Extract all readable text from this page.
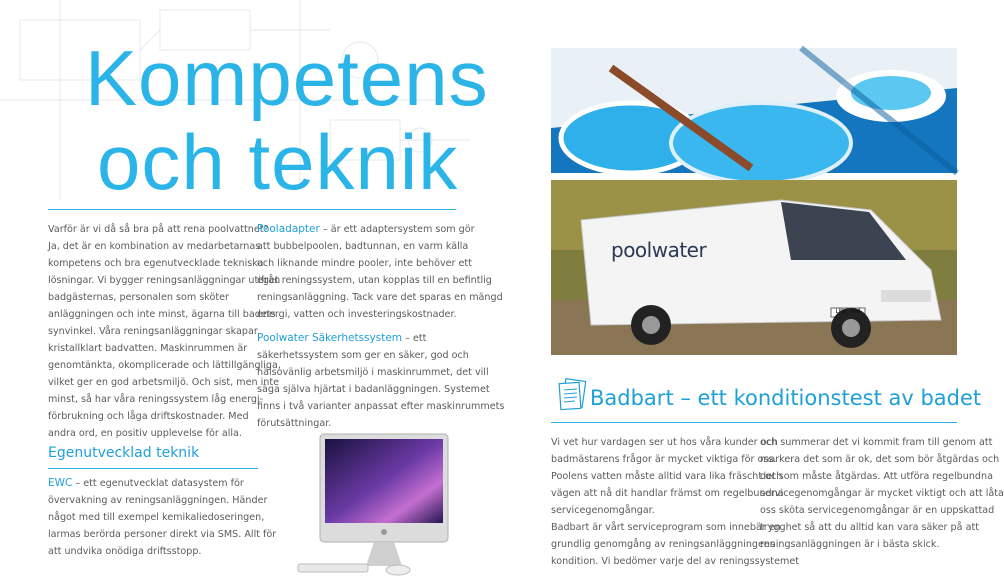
Kompetens
och teknik
Varför är vi då så bra på att rena poolvattnet?
Ja, det är en kombination av medarbetarnas
kompetens och bra egenutvecklade tekniska
lösningar. Vi bygger reningsanläggningar utifrån
badgästernas, personalen som sköter
anläggningen och inte minst, ägarna till badets
synvinkel. Våra reningsanläggningar skapar
kristallklart badvatten. Maskinrummen är
genomtänkta, okomplicerade och lättillgängliga,
vilket ger en god arbetsmiljö. Och sist, men inte
minst, så har våra reningssystem låg energi-
förbrukning och låga driftskostnader. Med
andra ord, en positiv upplevelse för alla.
Egenutvecklad teknik
EWC – ett egenutvecklat datasystem för
övervakning av reningsanläggningen. Händer
något med till exempel kemikaliedoseringen,
larmas berörda personer direkt via SMS. Allt för
att undvika onödiga driftsstopp.
Pooladapter – är ett adaptersystem som gör
att bubbelpoolen, badtunnan, en varm källa
och liknande mindre pooler, inte behöver ett
eget reningssystem, utan kopplas till en befintlig
reningsanläggning. Tack vare det sparas en mängd
energi, vatten och investeringskostnader.
Poolwater Säkerhetssystem – ett
säkerhetssystem som ger en säker, god och
hälsovänlig arbetsmiljö i maskinrummet, det vill
säga själva hjärtat i badanläggningen. Systemet
finns i två varianter anpassat efter maskinrummets
förutsättningar.
poolwater
LNW 484
Badbart – ett konditionstest av badet
Vi vet hur vardagen ser ut hos våra kunder och
badmästarens frågor är mycket viktiga för oss.
Poolens vatten måste alltid vara lika fräscht och
vägen att nå dit handlar främst om regelbundna
servicegenomgångar.
Badbart är vårt serviceprogram som innebär en
grundlig genomgång av reningsanläggningens
kondition. Vi bedömer varje del av reningssystemet
och summerar det vi kommit fram till genom att
markera det som är ok, det som bör åtgärdas och
det som måste åtgärdas. Att utföra regelbundna
servicegenomgångar är mycket viktigt och att låta
oss sköta servicegenomgångar är en uppskattad
trygghet så att du alltid kan vara säker på att
reningsanläggningen är i bästa skick.
